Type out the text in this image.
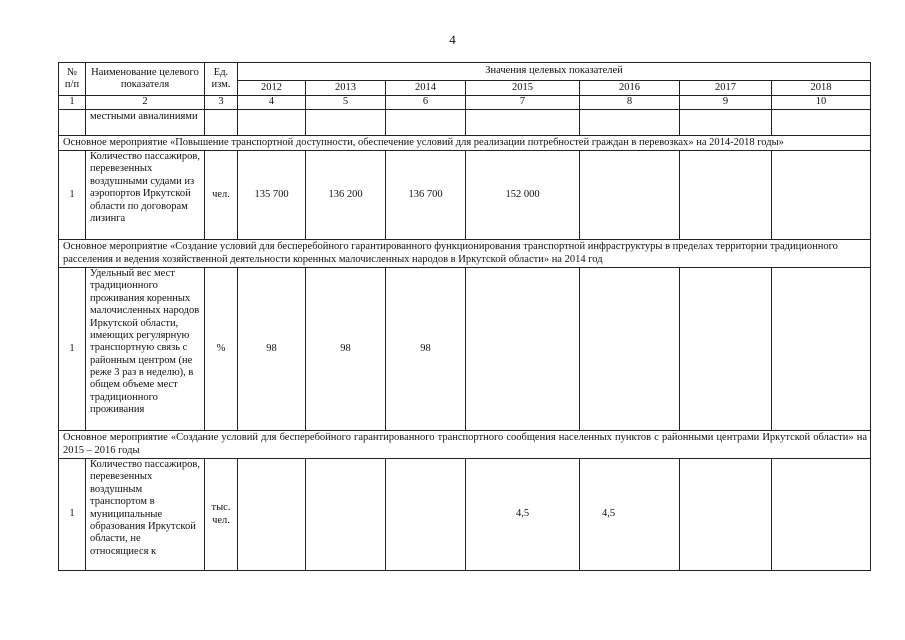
4
№ п/п	Наименование целевого показателя	Ед. изм.	Значения целевых показателей						
			2012	2013	2014	2015	2016	2017	2018
1	2	3	4	5	6	7	8	9	10
	местными авиалиниями								
Основное мероприятие «Повышение транспортной доступности, обеспечение условий для реализации потребностей граждан в перевозках» на 2014-2018 годы»									
1	Количество пассажиров, перевезенных воздушными судами из аэропортов Иркутской области по договорам лизинга	чел.	135 700	136 200	136 700	152 000			
Основное мероприятие «Создание условий для бесперебойного гарантированного функционирования транспортной инфраструктуры в пределах территории традиционного расселения и ведения хозяйственной деятельности коренных малочисленных народов в Иркутской области» на 2014 год									
1	Удельный вес мест традиционного проживания коренных малочисленных народов Иркутской области, имеющих регулярную транспортную связь с районным центром (не реже 3 раз в неделю), в общем объеме мест традиционного проживания	%	98	98	98				
Основное мероприятие «Создание условий для бесперебойного гарантированного транспортного сообщения населенных пунктов с районными центрами Иркутской области» на 2015 – 2016 годы									
1	Количество пассажиров, перевезенных воздушным транспортом в муниципальные образования Иркутской области, не относящиеся к	тыс. чел.				4,5	4,5		
